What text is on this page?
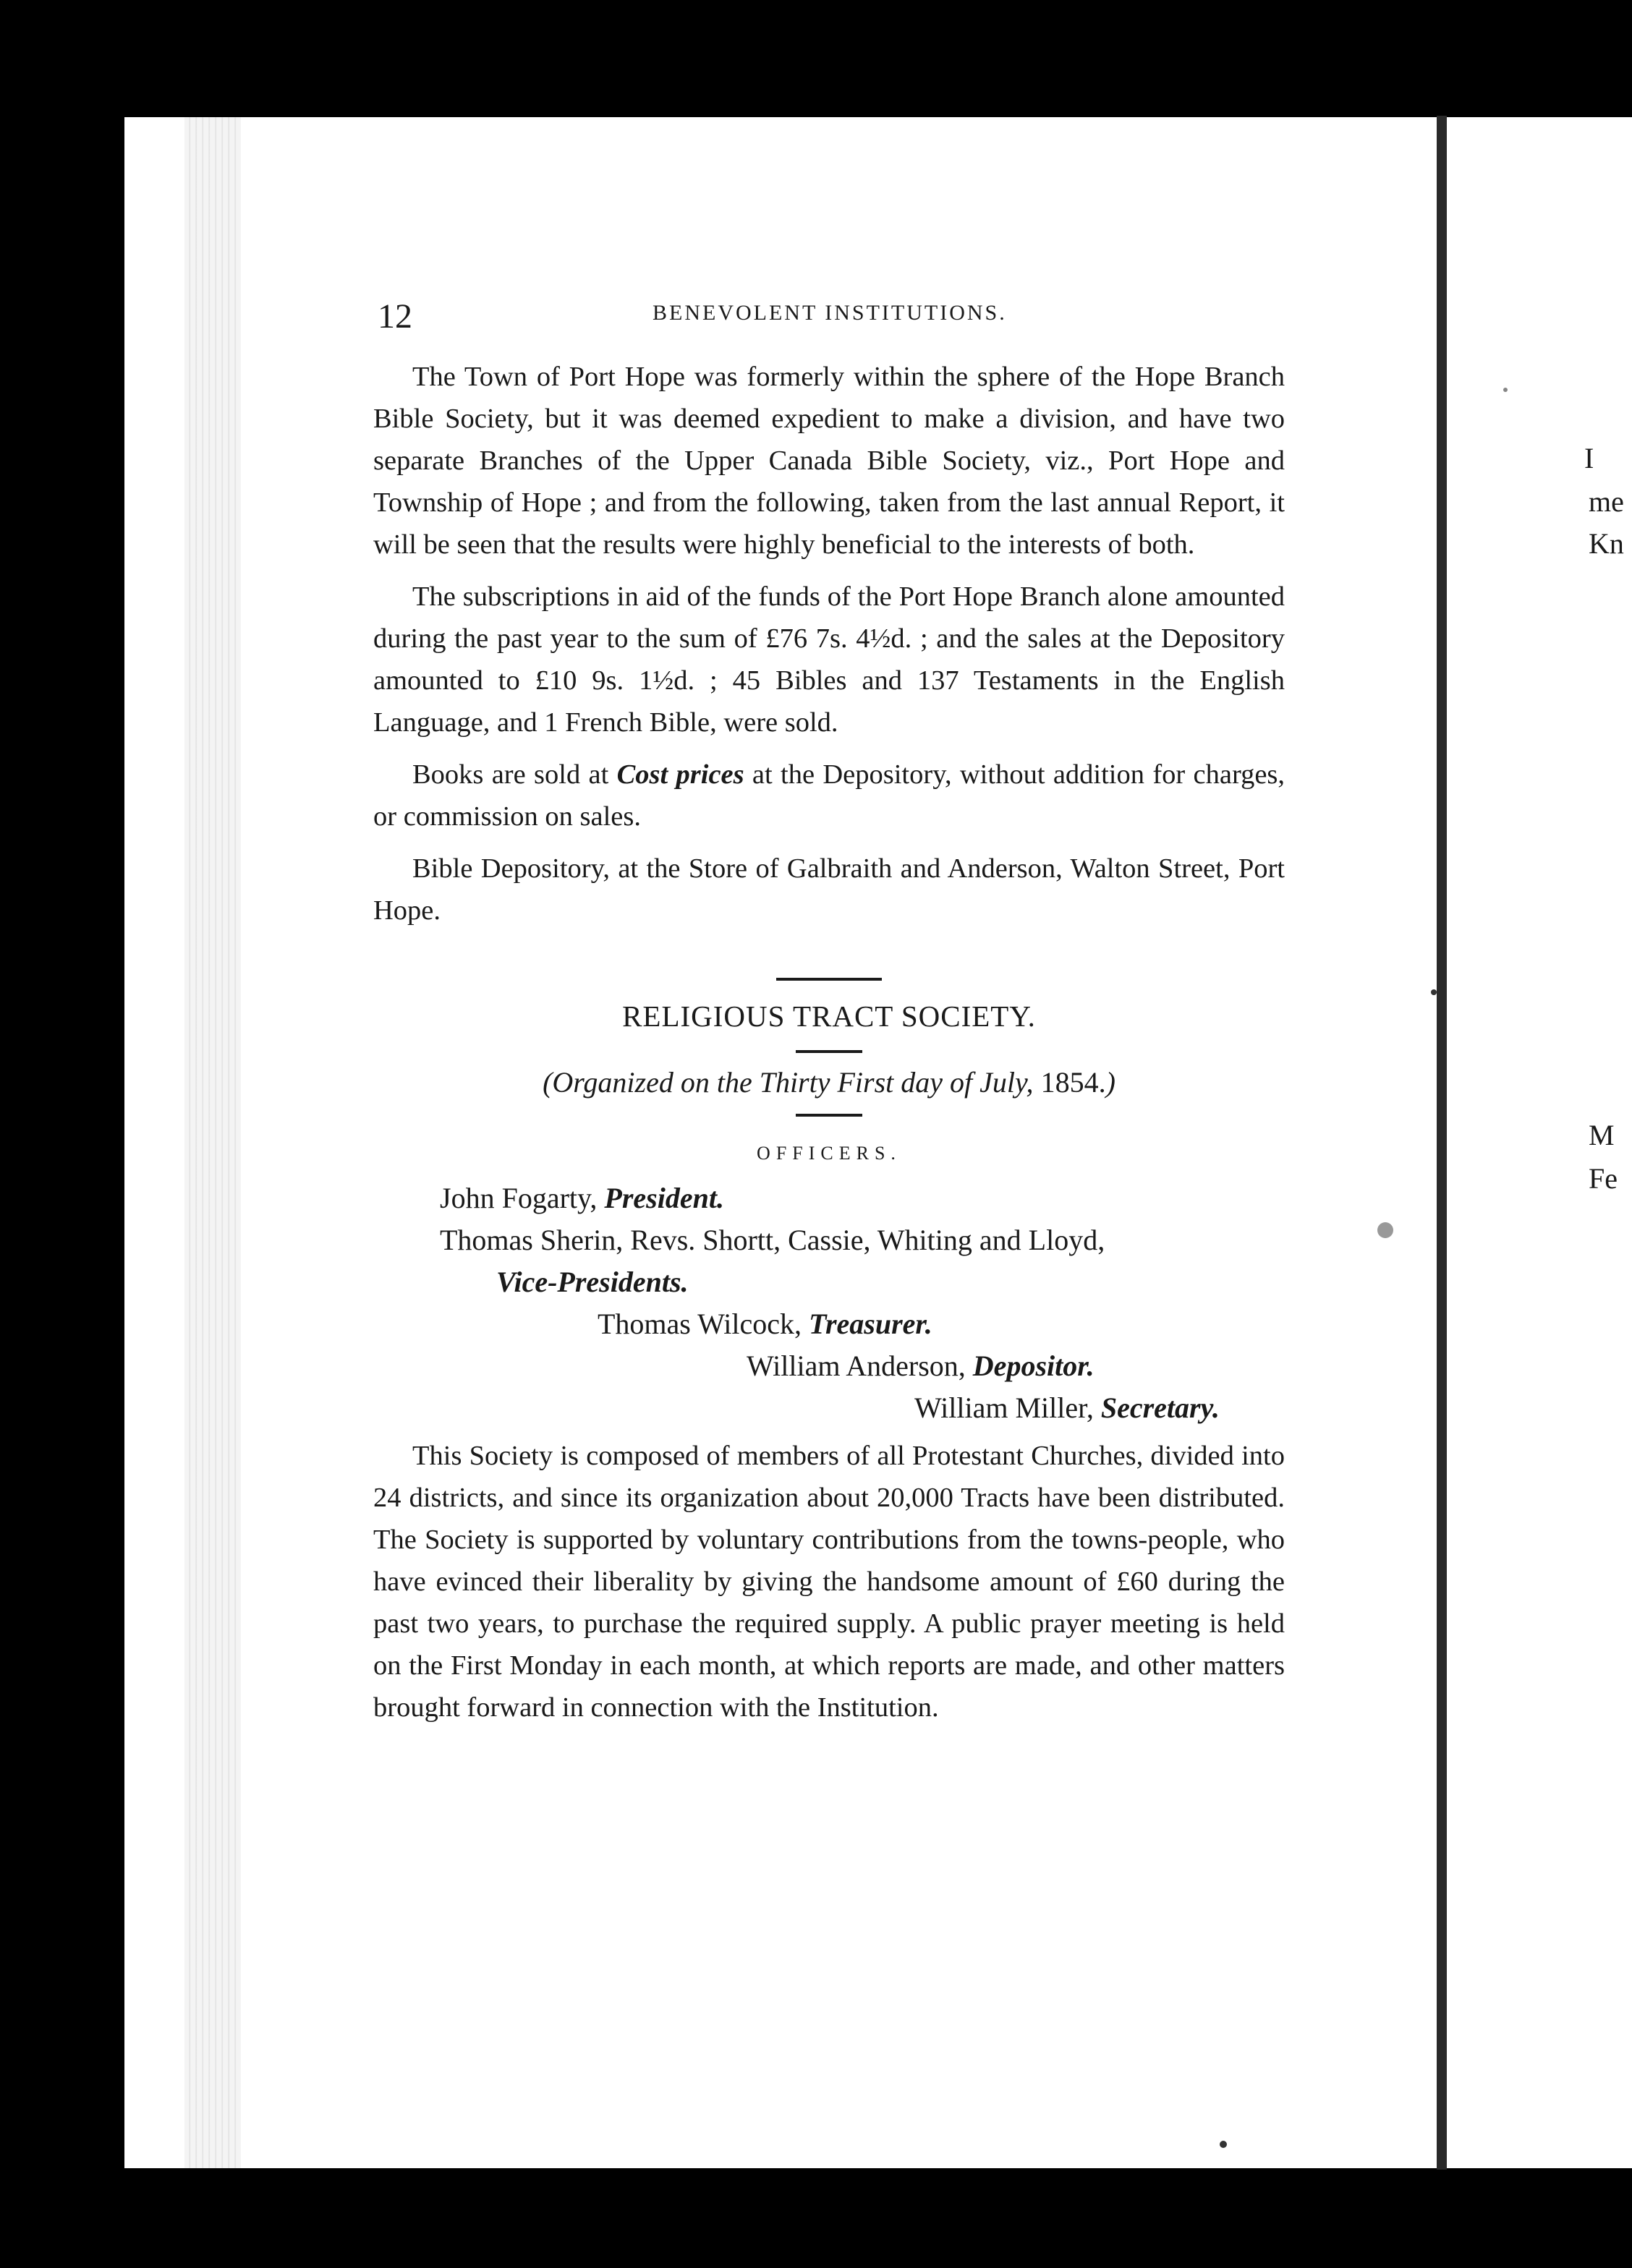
I
me
Kn
M
Fe
12	BENEVOLENT INSTITUTIONS.

The Town of Port Hope was formerly within the sphere of the Hope Branch Bible Society, but it was deemed expedient to make a division, and have two separate Branches of the Upper Canada Bible Society, viz., Port Hope and Township of Hope ; and from the following, taken from the last annual Report, it will be seen that the results were highly beneficial to the interests of both.

The subscriptions in aid of the funds of the Port Hope Branch alone amounted during the past year to the sum of £76 7s. 4½d. ; and the sales at the Depository amounted to £10 9s. 1½d. ; 45 Bibles and 137 Testaments in the English Language, and 1 French Bible, were sold.

Books are sold at Cost prices at the Depository, without addition for charges, or commission on sales.

Bible Depository, at the Store of Galbraith and Anderson, Walton Street, Port Hope.

RELIGIOUS TRACT SOCIETY.
(Organized on the Thirty First day of July, 1854.)
OFFICERS.

John Fogarty, President.

Thomas Sherin, Revs. Shortt, Cassie, Whiting and Lloyd,

Vice-Presidents.

Thomas Wilcock, Treasurer.

William Anderson, Depositor.

William Miller, Secretary.

This Society is composed of members of all Protestant Churches, divided into 24 districts, and since its organization about 20,000 Tracts have been distributed. The Society is supported by voluntary contributions from the towns-people, who have evinced their liberality by giving the handsome amount of £60 during the past two years, to purchase the required supply. A public prayer meeting is held on the First Monday in each month, at which reports are made, and other matters brought forward in connection with the Institution.
